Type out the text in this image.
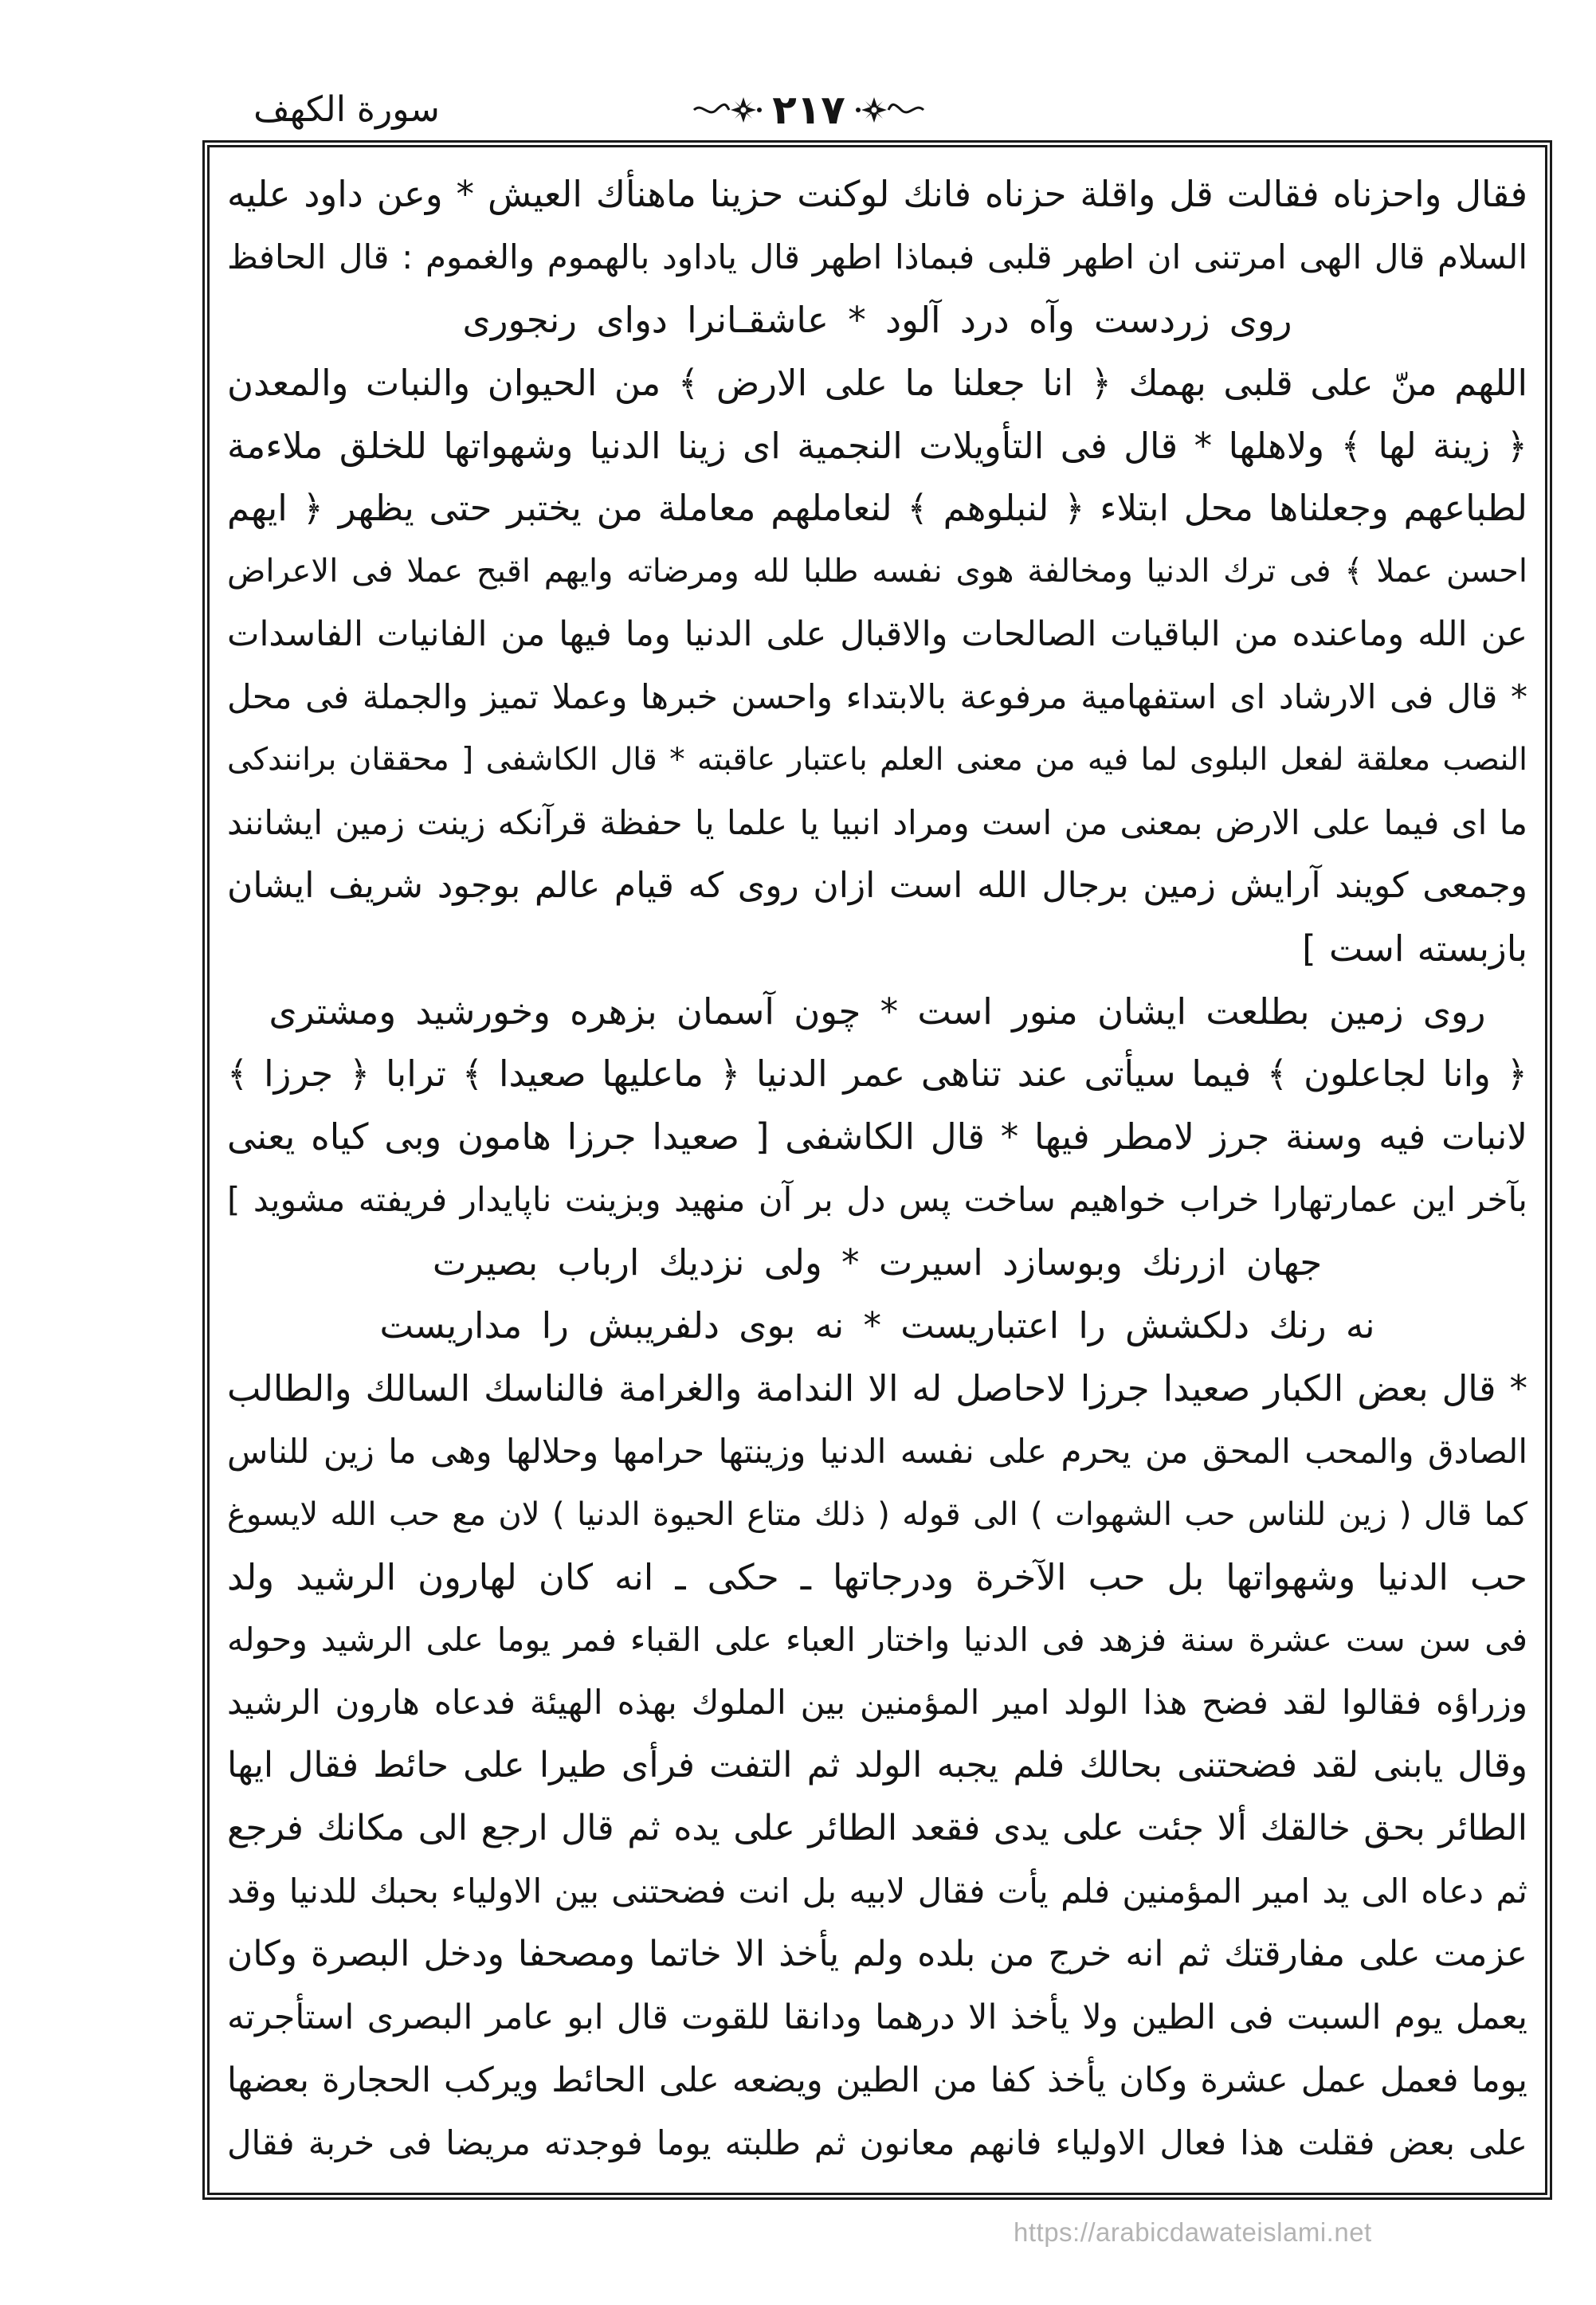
سورة الكهف	٢١٧
فقال واحزناه فقالت قل واقلة حزناه فانك لوكنت حزينا ماهنأك العيش * وعن داود عليه
السلام قال الهى امرتنى ان اطهر قلبى فبماذا اطهر قال ياداود بالهموم والغموم : قال الحافظ
روى زردست وآه درد آلود * عاشقـانرا دواى رنجورى
اللهم منّ على قلبى بهمك ﴿ انا جعلنا ما على الارض ﴾ من الحيوان والنبات والمعدن
﴿ زينة لها ﴾ ولاهلها * قال فى التأويلات النجمية اى زينا الدنيا وشهواتها للخلق ملاءمة
لطباعهم وجعلناها محل ابتلاء ﴿ لنبلوهم ﴾ لنعاملهم معاملة من يختبر حتى يظهر ﴿ ايهم
احسن عملا ﴾ فى ترك الدنيا ومخالفة هوى نفسه طلبا لله ومرضاته وايهم اقبح عملا فى الاعراض
عن الله وماعنده من الباقيات الصالحات والاقبال على الدنيا وما فيها من الفانيات الفاسدات
* قال فى الارشاد اى استفهامية مرفوعة بالابتداء واحسن خبرها وعملا تميز والجملة فى محل
النصب معلقة لفعل البلوى لما فيه من معنى العلم باعتبار عاقبته * قال الكاشفى [ محققان برانندكى
ما اى فيما على الارض بمعنى من است ومراد انبيا يا علما يا حفظة قرآنكه زينت زمين ايشانند
وجمعى كويند آرايش زمين برجال الله است ازان روى كه قيام عالم بوجود شريف ايشان
بازبسته است ]
روى زمين بطلعت ايشان منور است * چون آسمان بزهره وخورشيد ومشترى
﴿ وانا لجاعلون ﴾ فيما سيأتى عند تناهى عمر الدنيا ﴿ ماعليها صعيدا ﴾ ترابا ﴿ جرزا ﴾
لانبات فيه وسنة جرز لامطر فيها * قال الكاشفى [ صعيدا جرزا هامون وبى كياه يعنى
بآخر اين عمارتهارا خراب خواهيم ساخت پس دل بر آن منهيد وبزينت ناپايدار فريفته مشويد ]
جهان ازرنك وبوسازد اسيرت * ولى نزديك ارباب بصيرت
نه رنك دلكشش را اعتباريست * نه بوى دلفريبش را مداريست
* قال بعض الكبار صعيدا جرزا لاحاصل له الا الندامة والغرامة فالناسك السالك والطالب
الصادق والمحب المحق من يحرم على نفسه الدنيا وزينتها حرامها وحلالها وهى ما زين للناس
كما قال ( زين للناس حب الشهوات ) الى قوله ( ذلك متاع الحيوة الدنيا ) لان مع حب الله لايسوغ
حب الدنيا وشهواتها بل حب الآخرة ودرجاتها ـ حكى ـ انه كان لهارون الرشيد ولد
فى سن ست عشرة سنة فزهد فى الدنيا واختار العباء على القباء فمر يوما على الرشيد وحوله
وزراؤه فقالوا لقد فضح هذا الولد امير المؤمنين بين الملوك بهذه الهيئة فدعاه هارون الرشيد
وقال يابنى لقد فضحتنى بحالك فلم يجبه الولد ثم التفت فرأى طيرا على حائط فقال ايها
الطائر بحق خالقك ألا جئت على يدى فقعد الطائر على يده ثم قال ارجع الى مكانك فرجع
ثم دعاه الى يد امير المؤمنين فلم يأت فقال لابيه بل انت فضحتنى بين الاولياء بحبك للدنيا وقد
عزمت على مفارقتك ثم انه خرج من بلده ولم يأخذ الا خاتما ومصحفا ودخل البصرة وكان
يعمل يوم السبت فى الطين ولا يأخذ الا درهما ودانقا للقوت قال ابو عامر البصرى استأجرته
يوما فعمل عمل عشرة وكان يأخذ كفا من الطين ويضعه على الحائط ويركب الحجارة بعضها
على بعض فقلت هذا فعال الاولياء فانهم معانون ثم طلبته يوما فوجدته مريضا فى خربة فقال
https://arabicdawateislami.net
